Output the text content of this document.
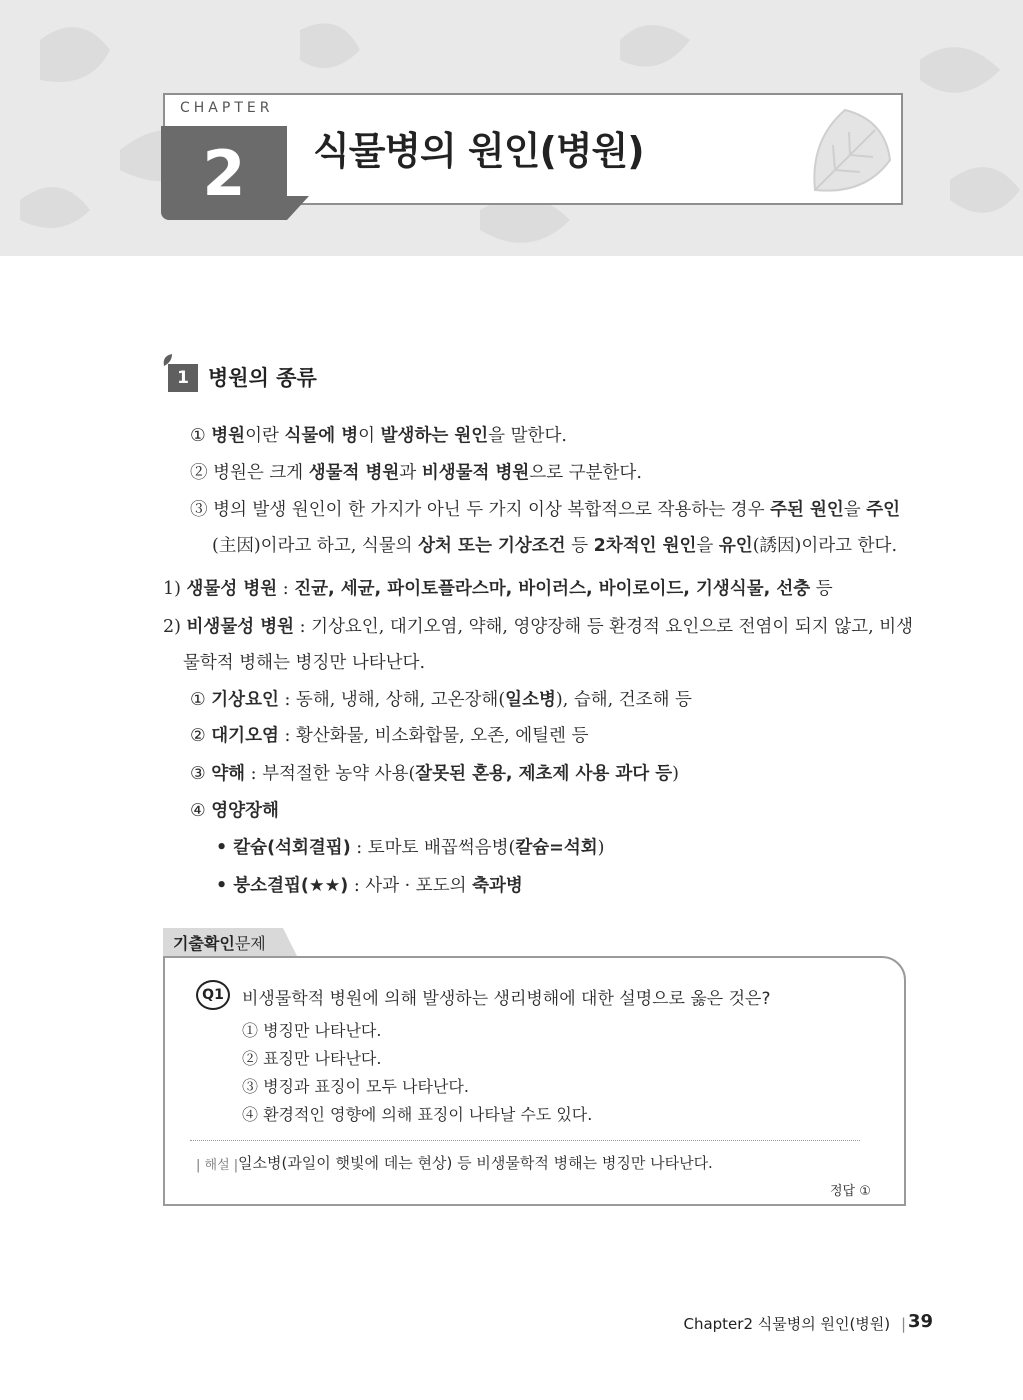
CHAPTER
2	식물병의 원인(병원)
1 병원의 종류
① 병원이란 식물에 병이 발생하는 원인을 말한다.
② 병원은 크게 생물적 병원과 비생물적 병원으로 구분한다.
③ 병의 발생 원인이 한 가지가 아닌 두 가지 이상 복합적으로 작용하는 경우 주된 원인을 주인
(主因)이라고 하고, 식물의 상처 또는 기상조건 등 2차적인 원인을 유인(誘因)이라고 한다.
1) 생물성 병원 : 진균, 세균, 파이토플라스마, 바이러스, 바이로이드, 기생식물, 선충 등
2) 비생물성 병원 : 기상요인, 대기오염, 약해, 영양장해 등 환경적 요인으로 전염이 되지 않고, 비생
물학적 병해는 병징만 나타난다.
① 기상요인 : 동해, 냉해, 상해, 고온장해(일소병), 습해, 건조해 등
② 대기오염 : 황산화물, 비소화합물, 오존, 에틸렌 등
③ 약해 : 부적절한 농약 사용(잘못된 혼용, 제초제 사용 과다 등)
④ 영양장해
• 칼슘(석회결핍) : 토마토 배꼽썩음병(칼슘=석회)
• 붕소결핍(★★) : 사과 · 포도의 축과병
기출확인 문제
Q1	비생물학적 병원에 의해 발생하는 생리병해에 대한 설명으로 옳은 것은?
① 병징만 나타난다.
② 표징만 나타난다.
③ 병징과 표징이 모두 나타난다.
④ 환경적인 영향에 의해 표징이 나타날 수도 있다.
| 해설 | 일소병(과일이 햇빛에 데는 현상) 등 비생물학적 병해는 병징만 나타난다.
정답 ①
Chapter2 식물병의 원인(병원) | 39
